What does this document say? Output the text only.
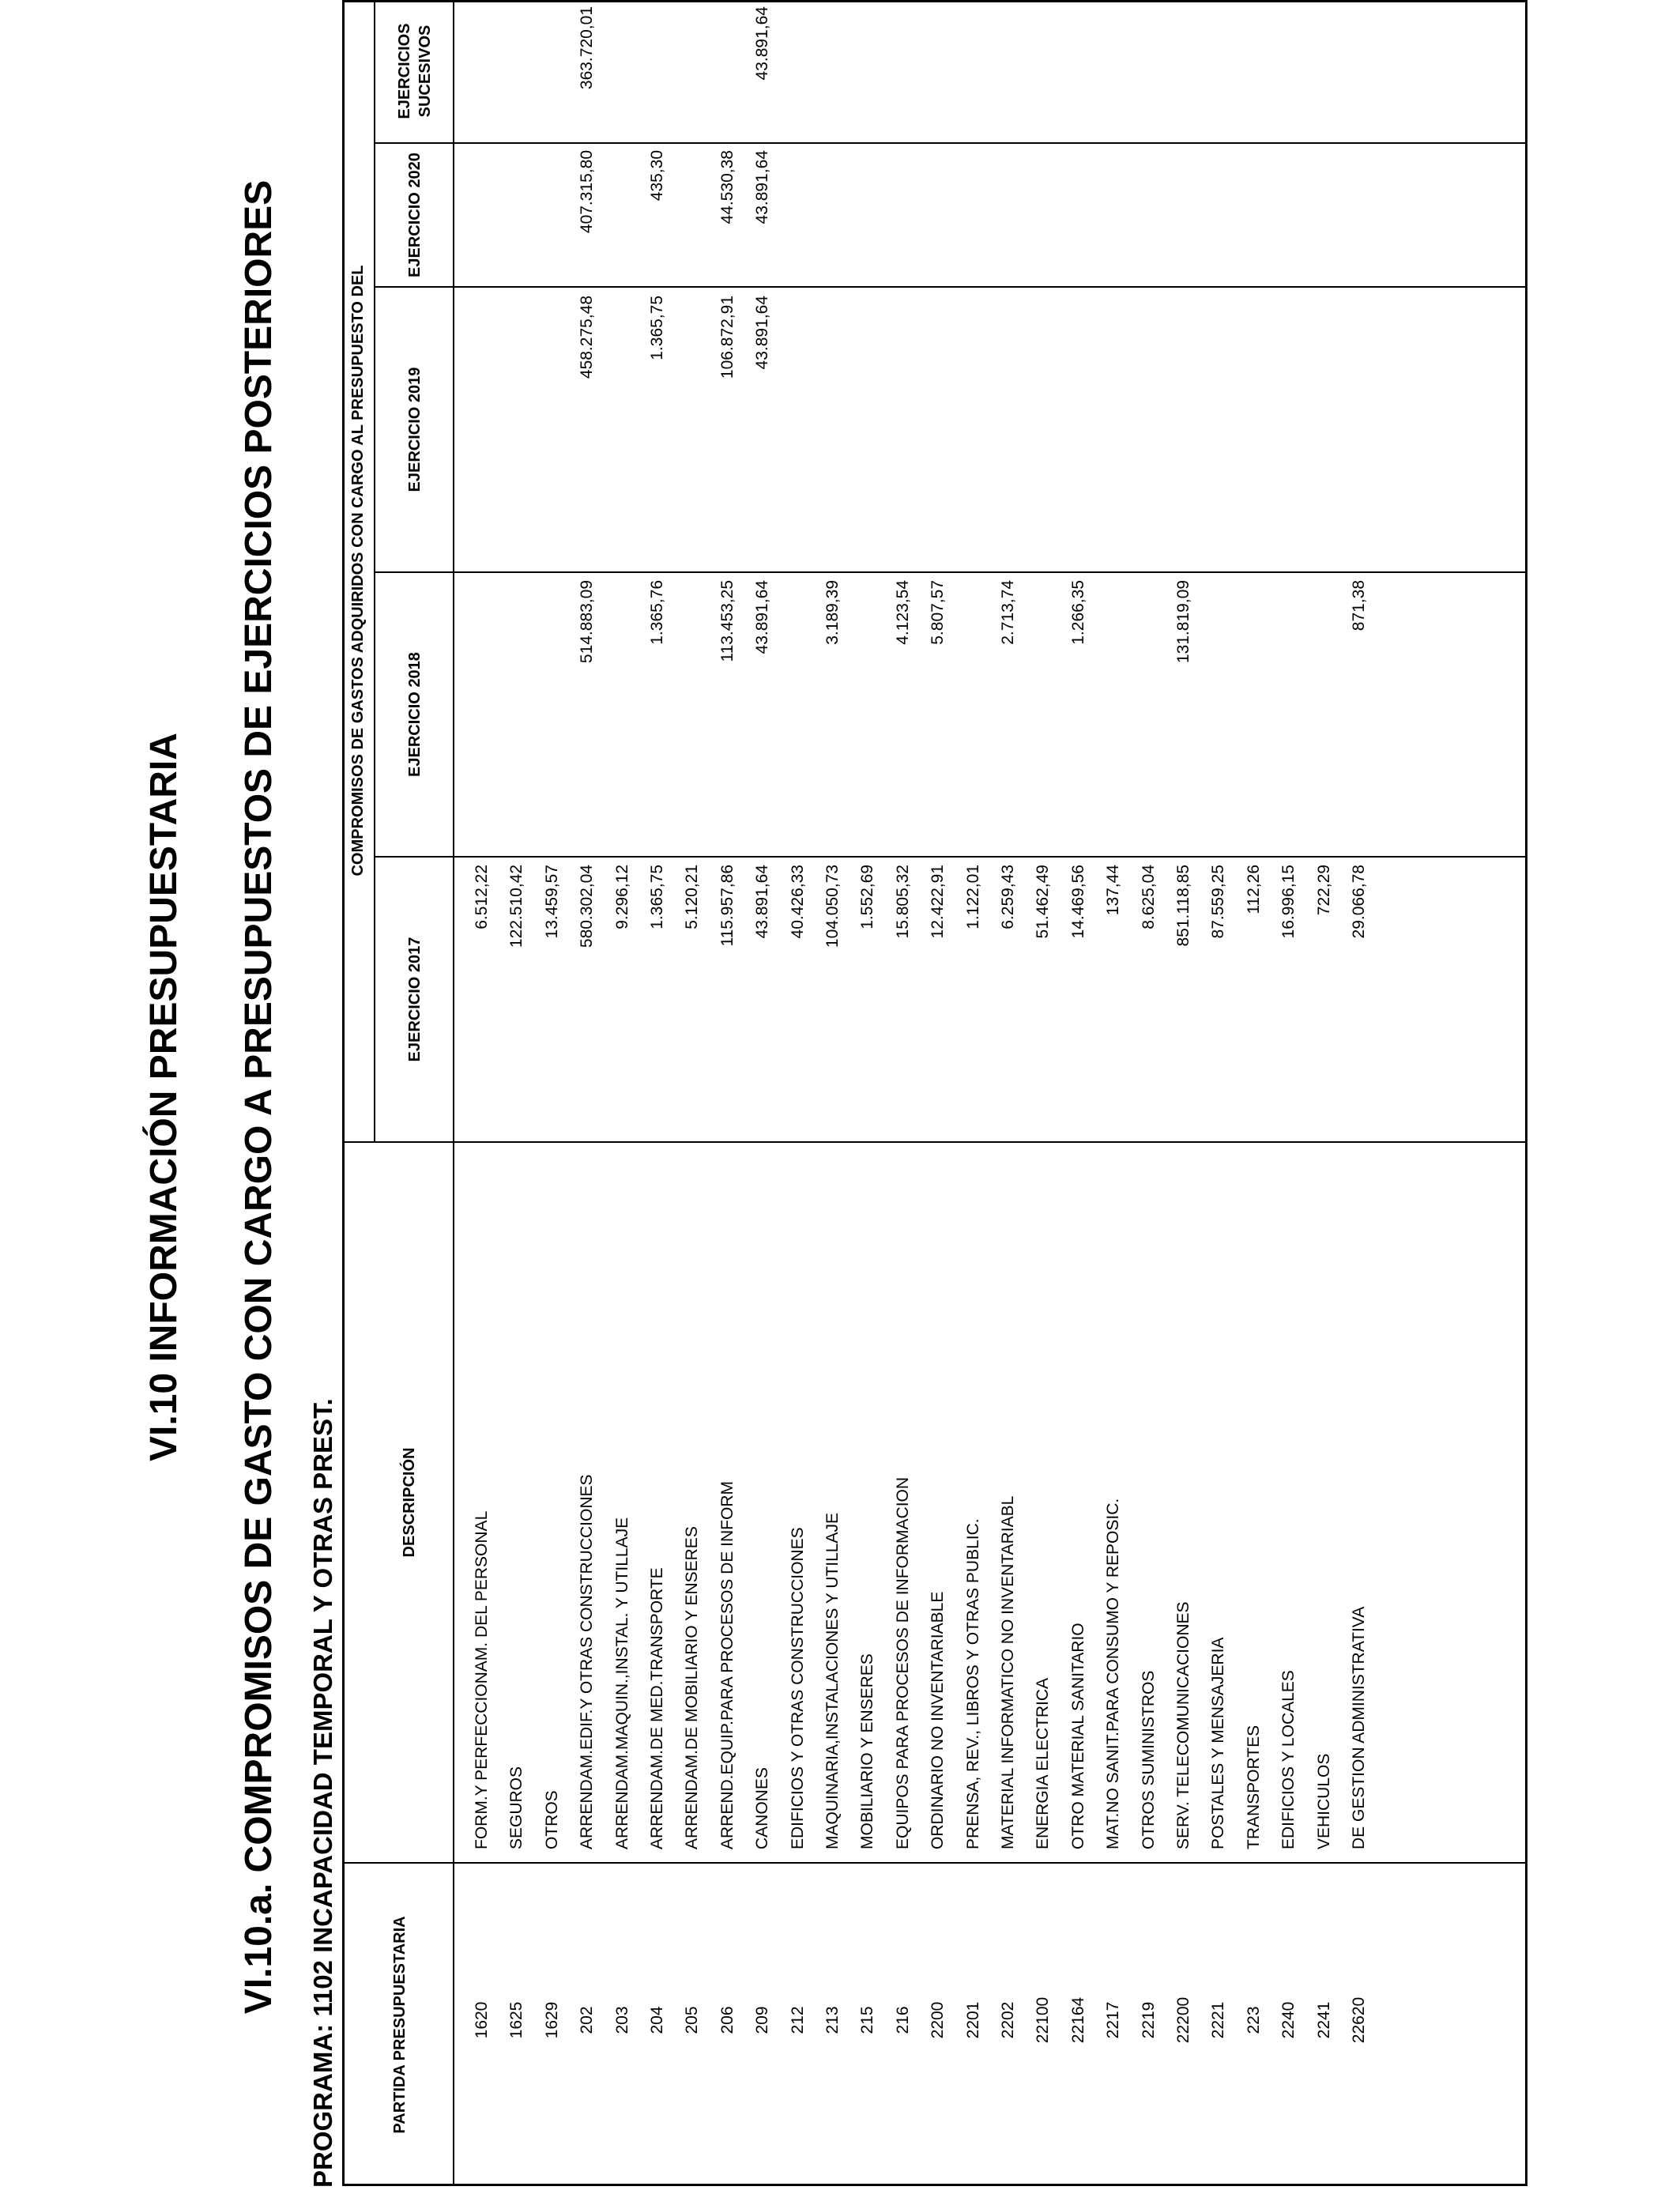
VI.10 INFORMACIÓN PRESUPUESTARIA VI.10.a. COMPROMISOS DE GASTO CON CARGO A PRESUPUESTOS DE EJERCICIOS POSTERIORES PROGRAMA: 1102 INCAPACIDAD TEMPORAL Y OTRAS PREST.	PARTIDA PRESUPUESTARIA
DESCRIPCIÓN
COMPROMISOS DE GASTOS ADQUIRIDOS CON CARGO AL PRESUPUESTO DEL
EJERCICIO 2017
EJERCICIO 2018
EJERCICIO 2019
EJERCICIO 2020
EJERCICIOS SUCESIVOS
1620
FORM.Y PERFECCIONAM. DEL PERSONAL
6.512,22
1625
SEGUROS
122.510,42
1629
OTROS
13.459,57
202
ARRENDAM.EDIF.Y OTRAS CONSTRUCCIONES
580.302,04
514.883,09
458.275,48
407.315,80
363.720,01
203
ARRENDAM.MAQUIN.,INSTAL. Y UTILLAJE
9.296,12
204
ARRENDAM.DE MED.TRANSPORTE
1.365,75
1.365,76
1.365,75
435,30
205
ARRENDAM.DE MOBILIARIO Y ENSERES
5.120,21
206
ARREND.EQUIP.PARA PROCESOS DE INFORM
115.957,86
113.453,25
106.872,91
44.530,38
209
CANONES
43.891,64
43.891,64
43.891,64
43.891,64
43.891,64
212
EDIFICIOS Y OTRAS CONSTRUCCIONES
40.426,33
213
MAQUINARIA,INSTALACIONES Y UTILLAJE
104.050,73
3.189,39
215
MOBILIARIO Y ENSERES
1.552,69
216
EQUIPOS PARA PROCESOS DE INFORMACION
15.805,32
4.123,54
2200
ORDINARIO NO INVENTARIABLE
12.422,91
5.807,57
2201
PRENSA, REV., LIBROS Y OTRAS PUBLIC.
1.122,01
2202
MATERIAL INFORMATICO NO INVENTARIABL
6.259,43
2.713,74
22100
ENERGIA ELECTRICA
51.462,49
22164
OTRO MATERIAL SANITARIO
14.469,56
1.266,35
2217
MAT.NO SANIT.PARA CONSUMO Y REPOSIC.
137,44
2219
OTROS SUMINISTROS
8.625,04
22200
SERV. TELECOMUNICACIONES
851.118,85
131.819,09
2221
POSTALES Y MENSAJERIA
87.559,25
223
TRANSPORTES
112,26
2240
EDIFICIOS Y LOCALES
16.996,15
2241
VEHICULOS
722,29
22620
DE GESTION ADMINISTRATIVA
29.066,78
871,38
